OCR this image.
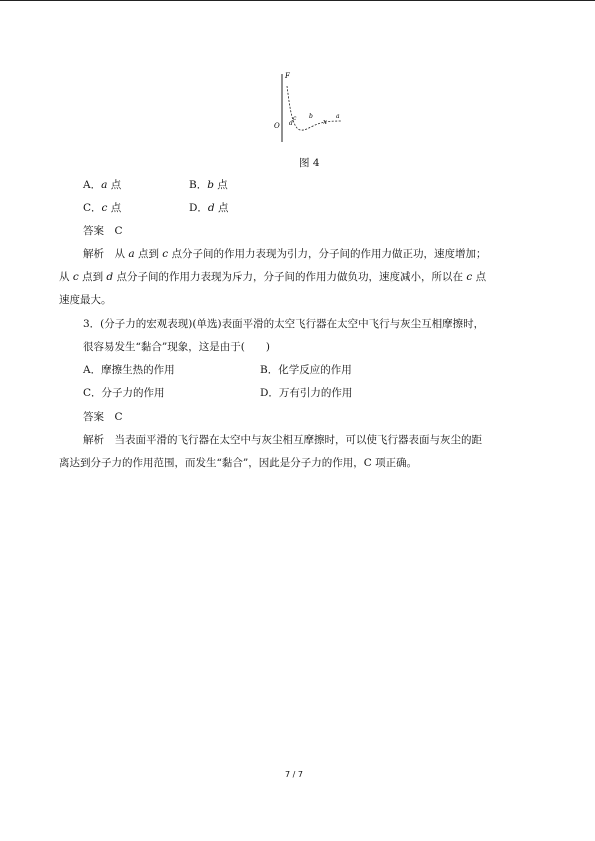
F
O	x
d
c b	a
图 4
A．a 点	B．b 点
C．c 点	D．d 点
答案　 C
解析　 从 a 点到 c 点分子间的作用力表现为引力，分子间的作用力做正功，速度增加；
从 c 点到 d 点分子间的作用力表现为斥力，分子间的作用力做负功，速度减小，所以在 c 点
速度最大。
3．(分子力的宏观表现)(单选)表面平滑的太空飞行器在太空中飞行与灰尘互相摩擦时，
很容易发生“黏合”现象，这是由于(　　)
A．摩擦生热的作用	B．化学反应的作用
C．分子力的作用	D．万有引力的作用
答案　 C
解析　 当表面平滑的飞行器在太空中与灰尘相互摩擦时，可以使飞行器表面与灰尘的距
离达到分子力的作用范围，而发生“黏合”，因此是分子力的作用，C 项正确。
7 / 7
